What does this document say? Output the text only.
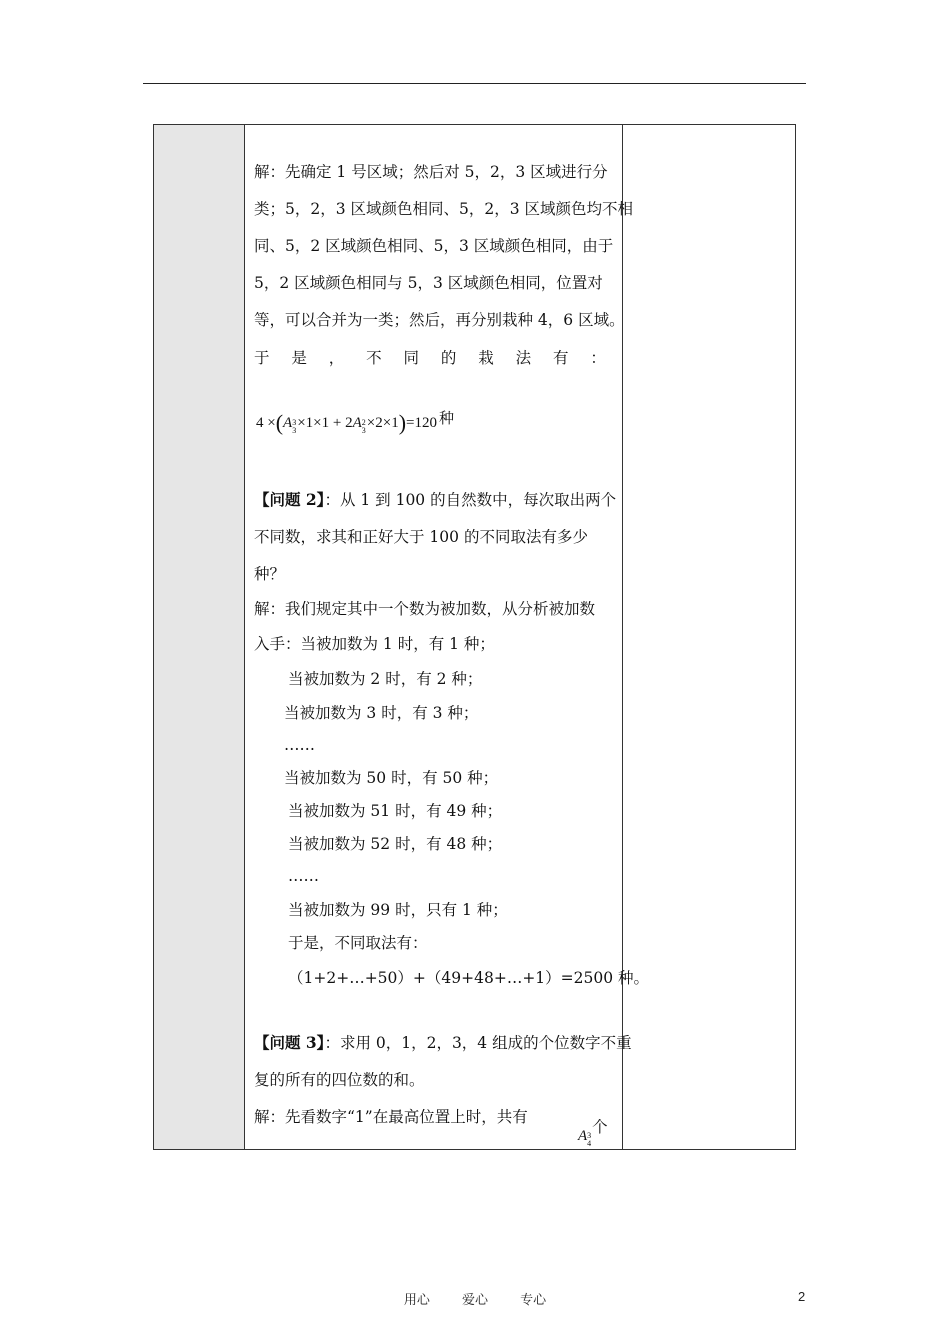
解：先确定 1 号区域；然后对 5，2，3 区域进行分
类；5，2，3 区域颜色相同、5，2，3 区域颜色均不相
同、5，2 区域颜色相同、5，3 区域颜色相同，由于
5，2 区域颜色相同与 5，3 区域颜色相同，位置对
等，可以合并为一类；然后，再分别栽种 4，6 区域。
于 是 ， 不 同 的 栽 法 有 ：
4 ×(A 3
3 ×1×1 + 2A 2
3 ×2×1)=120 种
【问题 2】：从 1 到 100 的自然数中，每次取出两个
不同数，求其和正好大于 100 的不同取法有多少
种？
解：我们规定其中一个数为被加数，从分析被加数
入手：当被加数为 1 时，有 1 种；
当被加数为 2 时，有 2 种；
当被加数为 3 时，有 3 种；
……
当被加数为 50 时，有 50 种；
当被加数为 51 时，有 49 种；
当被加数为 52 时，有 48 种；
……
当被加数为 99 时，只有 1 种；
于是，不同取法有：
（1+2+…+50）+（49+48+…+1）=2500 种。
【问题 3】：求用 0，1，2，3，4 组成的个位数字不重
复的所有的四位数的和。
解：先看数字“1”在最高位置上时，共有
A 3
4
个
用心 爱心 专心	2
